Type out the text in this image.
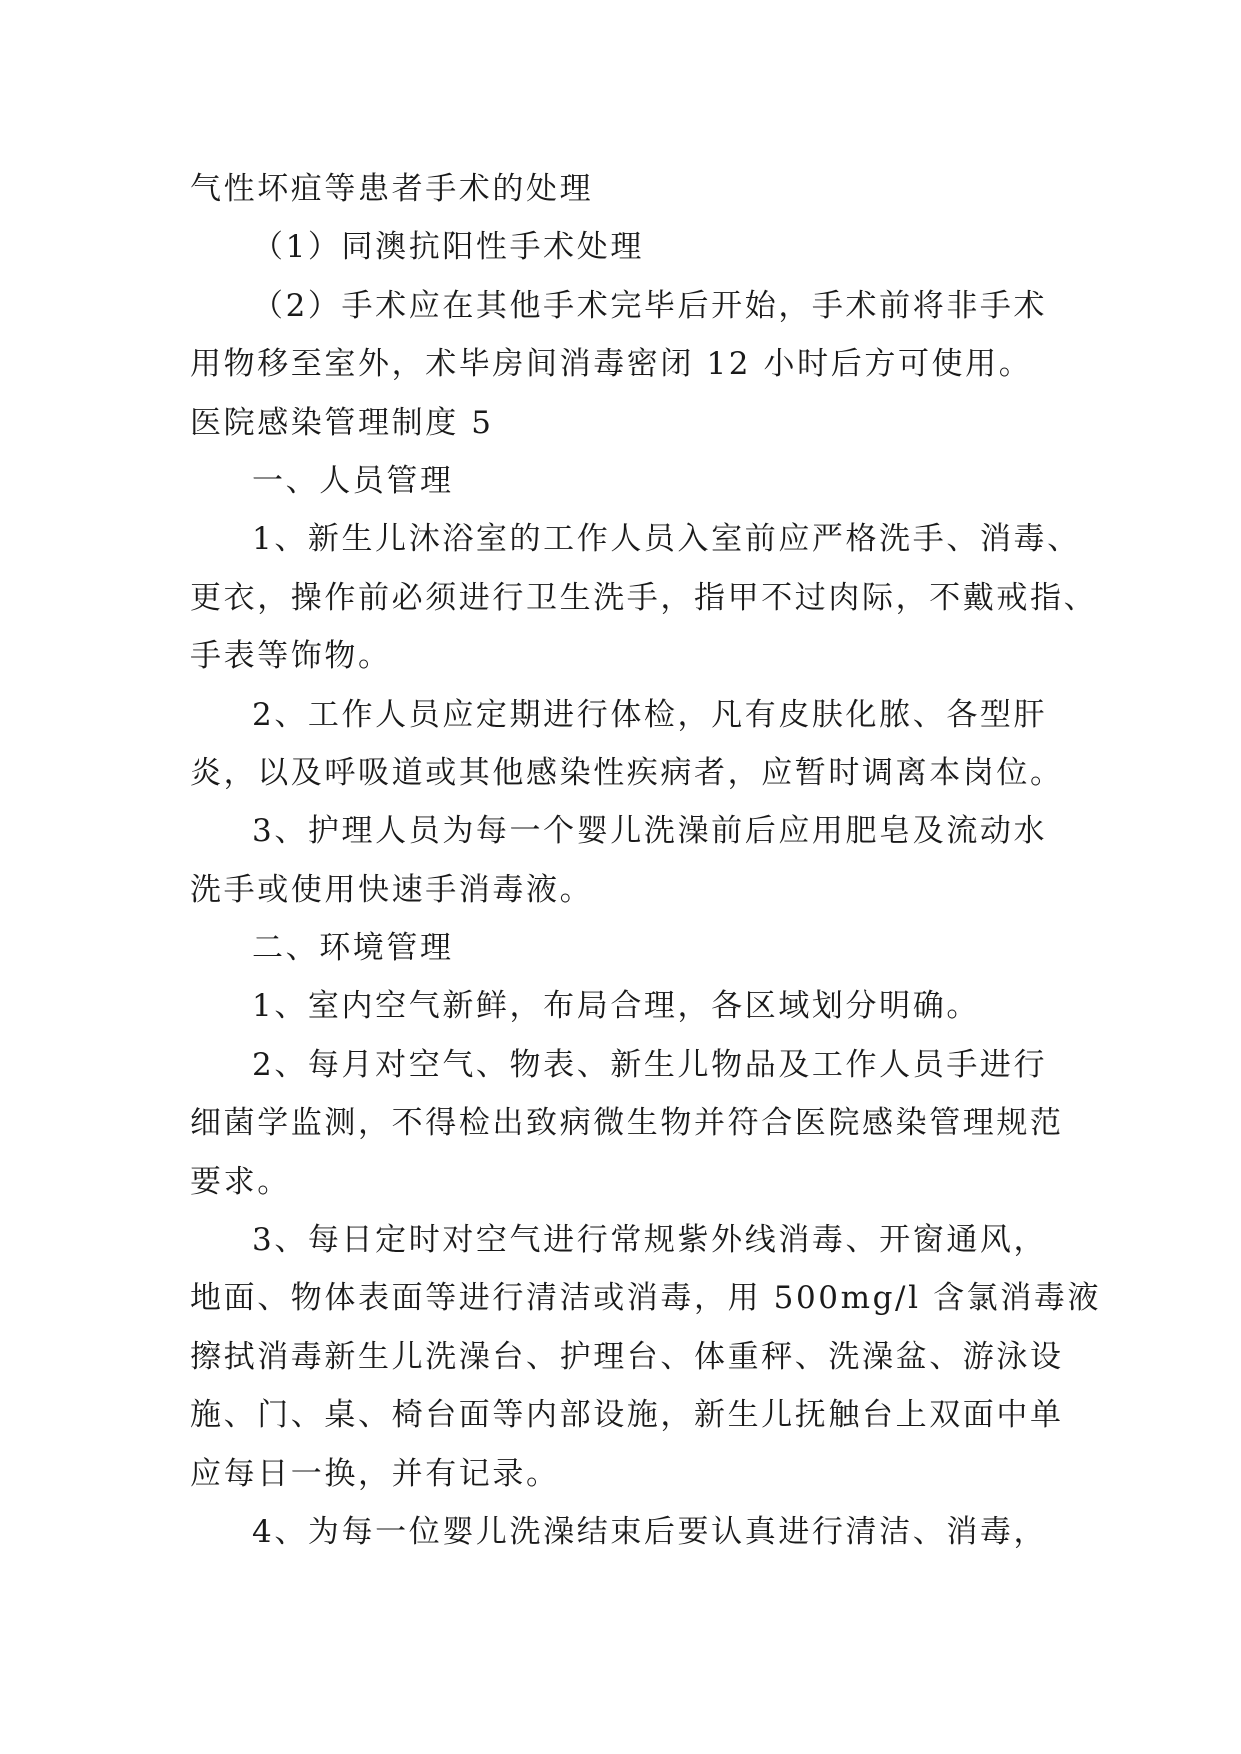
气性坏疽等患者手术的处理
（1）同澳抗阳性手术处理
（2）手术应在其他手术完毕后开始，手术前将非手术
用物移至室外，术毕房间消毒密闭 12 小时后方可使用。
医院感染管理制度 5
一、人员管理
1、新生儿沐浴室的工作人员入室前应严格洗手、消毒、
更衣，操作前必须进行卫生洗手，指甲不过肉际，不戴戒指、
手表等饰物。
2、工作人员应定期进行体检，凡有皮肤化脓、各型肝
炎，以及呼吸道或其他感染性疾病者，应暂时调离本岗位。
3、护理人员为每一个婴儿洗澡前后应用肥皂及流动水
洗手或使用快速手消毒液。
二、环境管理
1、室内空气新鲜，布局合理，各区域划分明确。
2、每月对空气、物表、新生儿物品及工作人员手进行
细菌学监测，不得检出致病微生物并符合医院感染管理规范
要求。
3、每日定时对空气进行常规紫外线消毒、开窗通风，
地面、物体表面等进行清洁或消毒，用 500mg/l 含氯消毒液
擦拭消毒新生儿洗澡台、护理台、体重秤、洗澡盆、游泳设
施、门、桌、椅台面等内部设施，新生儿抚触台上双面中单
应每日一换，并有记录。
4、为每一位婴儿洗澡结束后要认真进行清洁、消毒，
